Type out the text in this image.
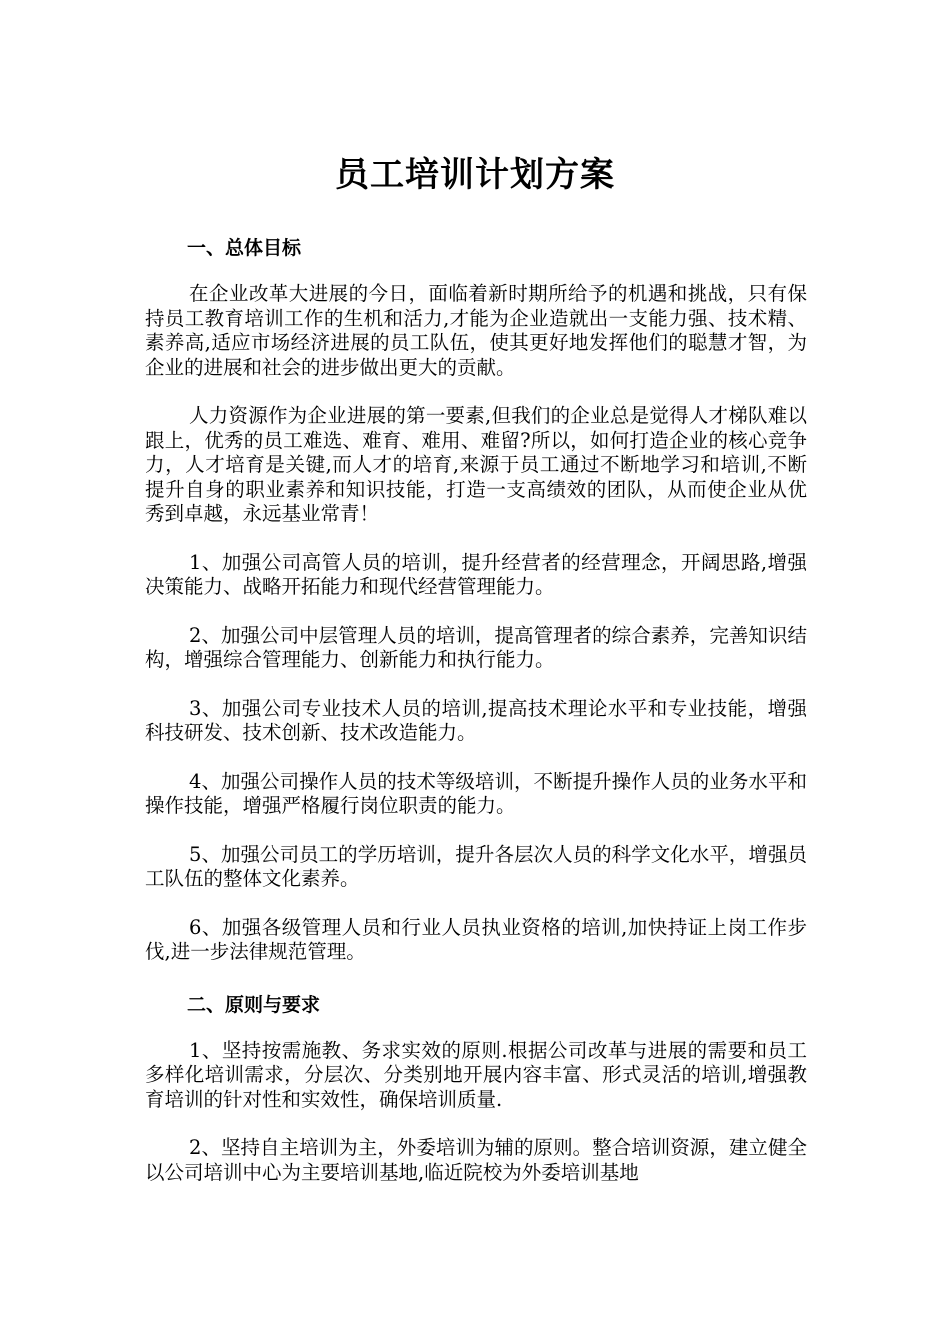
员工培训计划方案
一、总体目标

在企业改革大进展的今日，面临着新时期所给予的机遇和挑战，只有保持员工教育培训工作的生机和活力,才能为企业造就出一支能力强、技术精、素养高,适应市场经济进展的员工队伍，使其更好地发挥他们的聪慧才智，为企业的进展和社会的进步做出更大的贡献。

人力资源作为企业进展的第一要素,但我们的企业总是觉得人才梯队难以跟上，优秀的员工难选、难育、难用、难留?所以，如何打造企业的核心竞争力，人才培育是关键,而人才的培育,来源于员工通过不断地学习和培训,不断提升自身的职业素养和知识技能，打造一支高绩效的团队，从而使企业从优秀到卓越，永远基业常青！

1、加强公司高管人员的培训，提升经营者的经营理念，开阔思路,增强决策能力、战略开拓能力和现代经营管理能力。

2、加强公司中层管理人员的培训，提高管理者的综合素养，完善知识结构，增强综合管理能力、创新能力和执行能力。

3、加强公司专业技术人员的培训,提高技术理论水平和专业技能，增强科技研发、技术创新、技术改造能力。

4、加强公司操作人员的技术等级培训，不断提升操作人员的业务水平和操作技能，增强严格履行岗位职责的能力。

5、加强公司员工的学历培训，提升各层次人员的科学文化水平，增强员工队伍的整体文化素养。

6、加强各级管理人员和行业人员执业资格的培训,加快持证上岗工作步伐,进一步法律规范管理。

二、原则与要求

1、坚持按需施教、务求实效的原则.根据公司改革与进展的需要和员工多样化培训需求，分层次、分类别地开展内容丰富、形式灵活的培训,增强教育培训的针对性和实效性，确保培训质量.

2、坚持自主培训为主，外委培训为辅的原则。整合培训资源，建立健全以公司培训中心为主要培训基地,临近院校为外委培训基地
